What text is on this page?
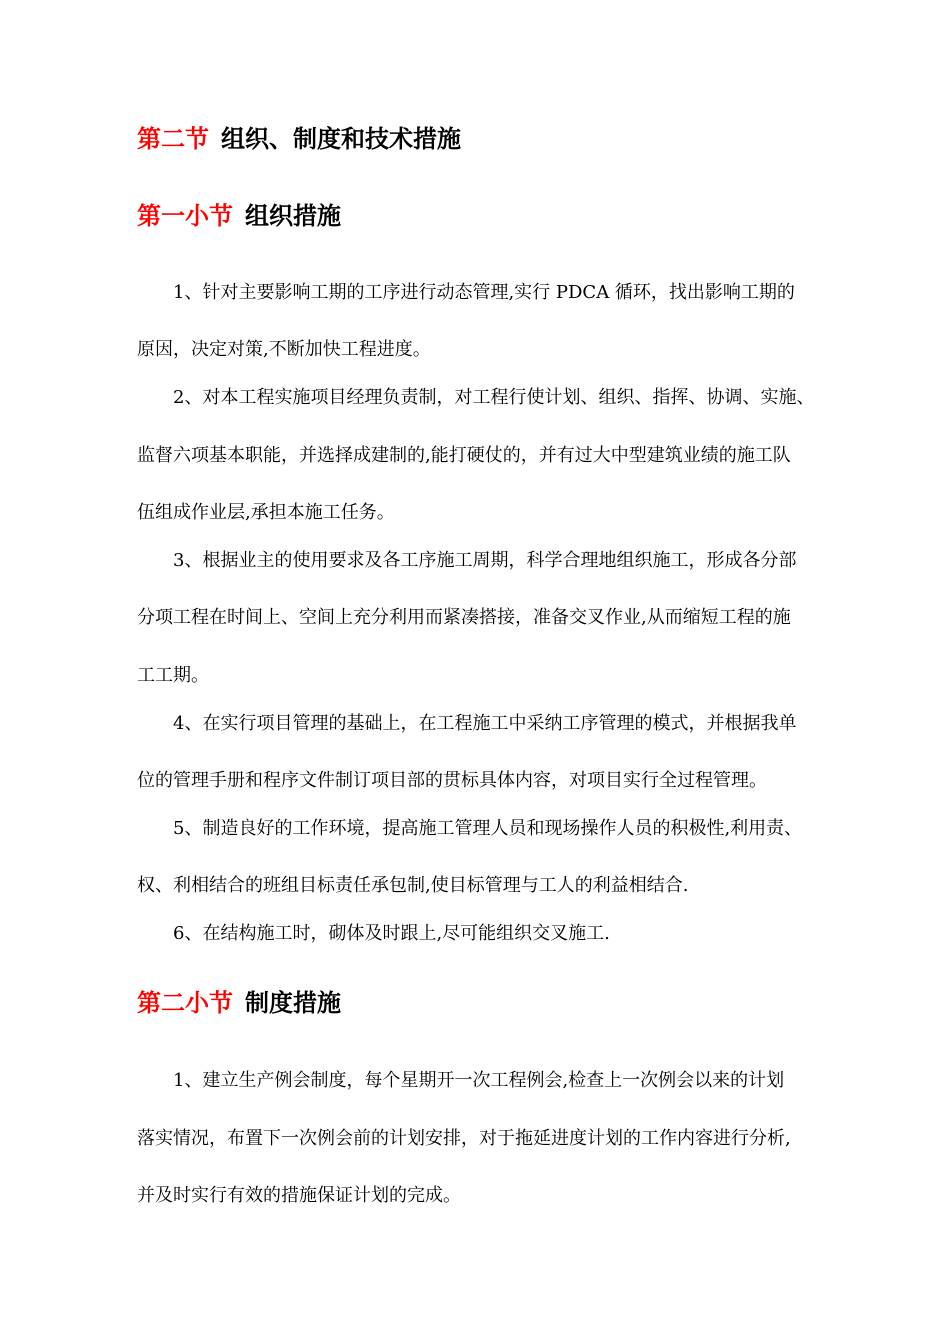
第二节 组织、制度和技术措施
第一小节 组织措施
1、针对主要影响工期的工序进行动态管理,实行 PDCA 循环，找出影响工期的
原因，决定对策,不断加快工程进度。
2、对本工程实施项目经理负责制，对工程行使计划、组织、指挥、协调、实施、
监督六项基本职能，并选择成建制的,能打硬仗的，并有过大中型建筑业绩的施工队
伍组成作业层,承担本施工任务。
3、根据业主的使用要求及各工序施工周期，科学合理地组织施工，形成各分部
分项工程在时间上、空间上充分利用而紧凑搭接，准备交叉作业,从而缩短工程的施
工工期。
4、在实行项目管理的基础上，在工程施工中采纳工序管理的模式，并根据我单
位的管理手册和程序文件制订项目部的贯标具体内容，对项目实行全过程管理。
5、制造良好的工作环境，提高施工管理人员和现场操作人员的积极性,利用责、
权、利相结合的班组目标责任承包制,使目标管理与工人的利益相结合.
6、在结构施工时，砌体及时跟上,尽可能组织交叉施工.
第二小节 制度措施
1、建立生产例会制度，每个星期开一次工程例会,检查上一次例会以来的计划
落实情况，布置下一次例会前的计划安排，对于拖延进度计划的工作内容进行分析,
并及时实行有效的措施保证计划的完成。
